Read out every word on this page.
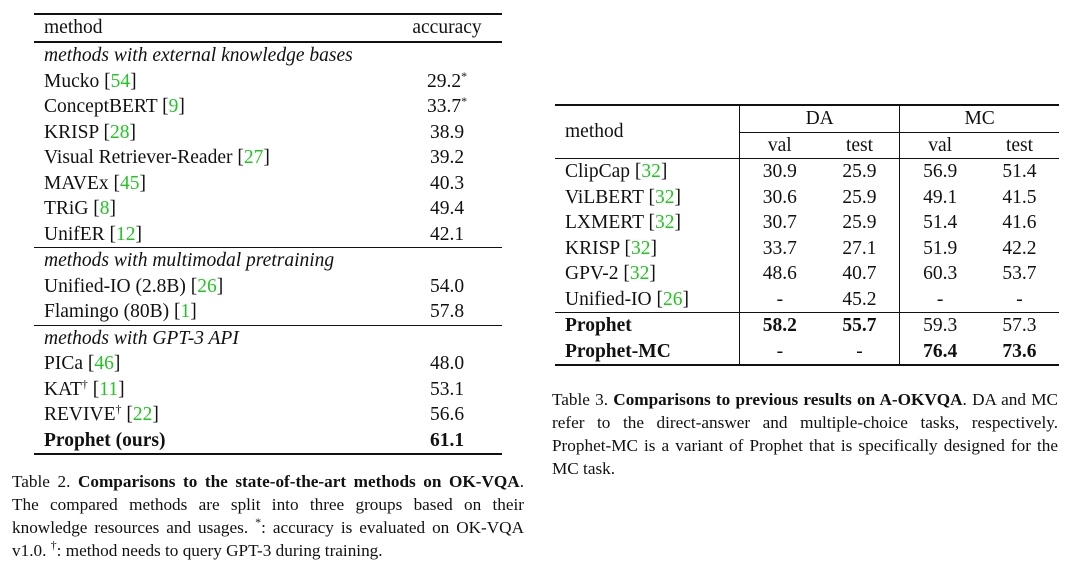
method	accuracy
methods with external knowledge bases	
Mucko [54]	29.2*
ConceptBERT [9]	33.7*
KRISP [28]	38.9
Visual Retriever-Reader [27]	39.2
MAVEx [45]	40.3
TRiG [8]	49.4
UnifER [12]	42.1
methods with multimodal pretraining	
Unified-IO (2.8B) [26]	54.0
Flamingo (80B) [1]	57.8
methods with GPT-3 API	
PICa [46]	48.0
KAT† [11]	53.1
REVIVE† [22]	56.6
Prophet (ours)	61.1
method	DA		MC	
	val	test	val	test
ClipCap [32]	30.9	25.9	56.9	51.4
ViLBERT [32]	30.6	25.9	49.1	41.5
LXMERT [32]	30.7	25.9	51.4	41.6
KRISP [32]	33.7	27.1	51.9	42.2
GPV-2 [32]	48.6	40.7	60.3	53.7
Unified-IO [26]	-	45.2	-	-
Prophet	58.2	55.7	59.3	57.3
Prophet-MC	-	-	76.4	73.6
Table 2. Comparisons to the state-of-the-art methods on OK-VQA. The compared methods are split into three groups based on their knowledge resources and usages. *: accuracy is evaluated on OK-VQA v1.0. †: method needs to query GPT-3 during training.
Table 3. Comparisons to previous results on A-OKVQA. DA and MC refer to the direct-answer and multiple-choice tasks, respectively. Prophet-MC is a variant of Prophet that is specifically designed for the MC task.
